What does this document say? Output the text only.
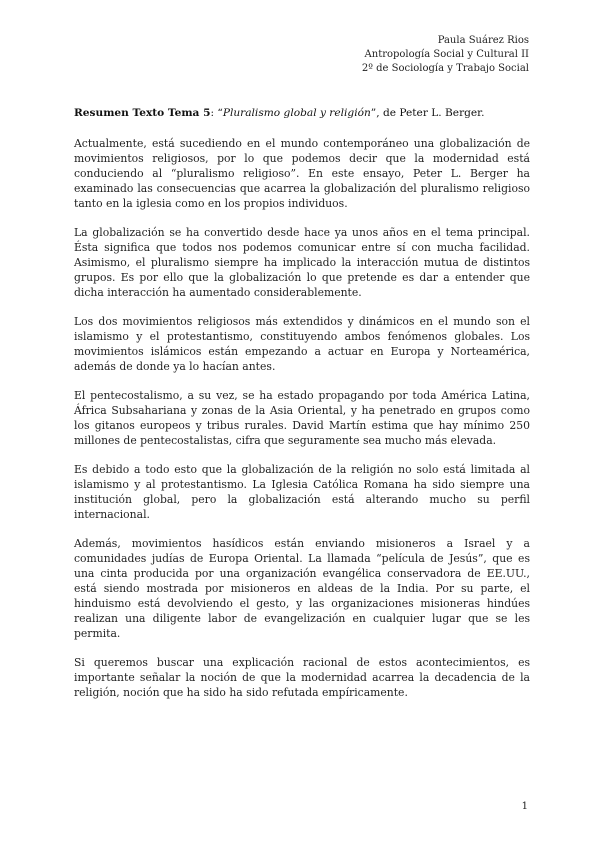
Paula Suárez Rios
Antropología Social y Cultural II
2º de Sociología y Trabajo Social
Resumen Texto Tema 5: “Pluralismo global y religión”, de Peter L. Berger.

Actualmente, está sucediendo en el mundo contemporáneo una globalización de movimientos religiosos, por lo que podemos decir que la modernidad está conduciendo al “pluralismo religioso”. En este ensayo, Peter L. Berger ha examinado las consecuencias que acarrea la globalización del pluralismo religioso tanto en la iglesia como en los propios individuos.

La globalización se ha convertido desde hace ya unos años en el tema principal. Ésta significa que todos nos podemos comunicar entre sí con mucha facilidad. Asimismo, el pluralismo siempre ha implicado la interacción mutua de distintos grupos. Es por ello que la globalización lo que pretende es dar a entender que dicha interacción ha aumentado considerablemente.

Los dos movimientos religiosos más extendidos y dinámicos en el mundo son el islamismo y el protestantismo, constituyendo ambos fenómenos globales. Los movimientos islámicos están empezando a actuar en Europa y Norteamérica, además de donde ya lo hacían antes.

El pentecostalismo, a su vez, se ha estado propagando por toda América Latina, África Subsahariana y zonas de la Asia Oriental, y ha penetrado en grupos como los gitanos europeos y tribus rurales. David Martín estima que hay mínimo 250 millones de pentecostalistas, cifra que seguramente sea mucho más elevada.

Es debido a todo esto que la globalización de la religión no solo está limitada al islamismo y al protestantismo. La Iglesia Católica Romana ha sido siempre una institución global, pero la globalización está alterando mucho su perfil internacional.

Además, movimientos hasídicos están enviando misioneros a Israel y a comunidades judías de Europa Oriental. La llamada “película de Jesús”, que es una cinta producida por una organización evangélica conservadora de EE.UU., está siendo mostrada por misioneros en aldeas de la India. Por su parte, el hinduismo está devolviendo el gesto, y las organizaciones misioneras hindúes realizan una diligente labor de evangelización en cualquier lugar que se les permita.

Si queremos buscar una explicación racional de estos acontecimientos, es importante señalar la noción de que la modernidad acarrea la decadencia de la religión, noción que ha sido ha sido refutada empíricamente.

1
